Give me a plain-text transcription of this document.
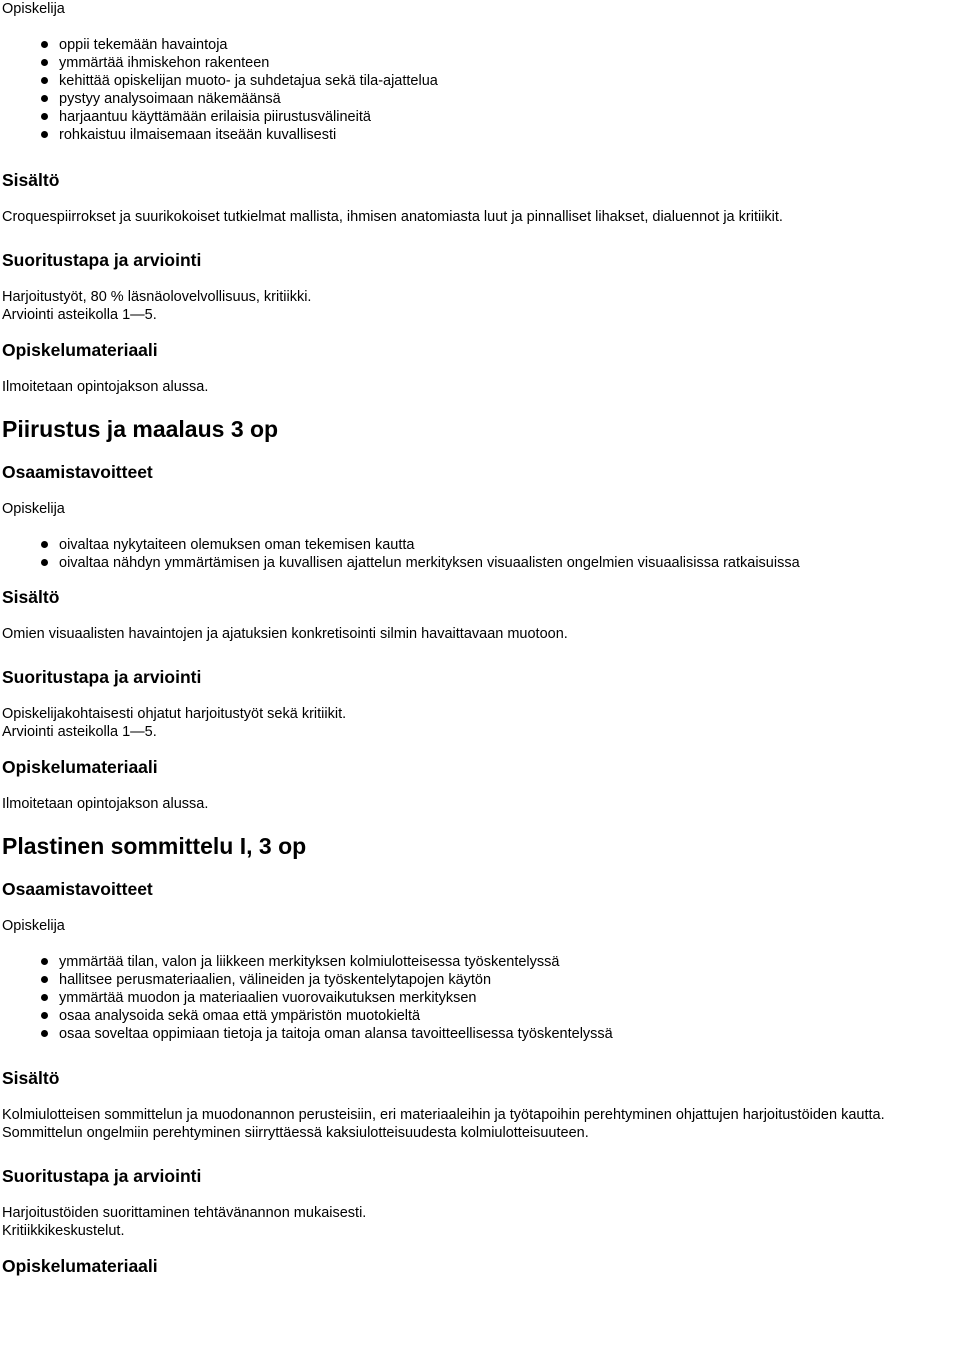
Opiskelija

oppii tekemään havaintoja
ymmärtää ihmiskehon rakenteen
kehittää opiskelijan muoto- ja suhdetajua sekä tila-ajattelua
pystyy analysoimaan näkemäänsä
harjaantuu käyttämään erilaisia piirustusvälineitä
rohkaistuu ilmaisemaan itseään kuvallisesti

Sisältö

Croquespiirrokset ja suurikokoiset tutkielmat mallista, ihmisen anatomiasta luut ja pinnalliset lihakset, dialuennot ja kritiikit.

Suoritustapa ja arviointi

Harjoitustyöt, 80 % läsnäolovelvollisuus, kritiikki.

Arviointi asteikolla 1—5.

Opiskelumateriaali

Ilmoitetaan opintojakson alussa.

Piirustus ja maalaus 3 op

Osaamistavoitteet

Opiskelija

oivaltaa nykytaiteen olemuksen oman tekemisen kautta
oivaltaa nähdyn ymmärtämisen ja kuvallisen ajattelun merkityksen visuaalisten ongelmien visuaalisissa ratkaisuissa

Sisältö

Omien visuaalisten havaintojen ja ajatuksien konkretisointi silmin havaittavaan muotoon.

Suoritustapa ja arviointi

Opiskelijakohtaisesti ohjatut harjoitustyöt sekä kritiikit.

Arviointi asteikolla 1—5.

Opiskelumateriaali

Ilmoitetaan opintojakson alussa.

Plastinen sommittelu I, 3 op

Osaamistavoitteet

Opiskelija

ymmärtää tilan, valon ja liikkeen merkityksen kolmiulotteisessa työskentelyssä
hallitsee perusmateriaalien, välineiden ja työskentelytapojen käytön
ymmärtää muodon ja materiaalien vuorovaikutuksen merkityksen
osaa analysoida sekä omaa että ympäristön muotokieltä
osaa soveltaa oppimiaan tietoja ja taitoja oman alansa tavoitteellisessa työskentelyssä

Sisältö

Kolmiulotteisen sommittelun ja muodonannon perusteisiin, eri materiaaleihin ja työtapoihin perehtyminen ohjattujen harjoitustöiden kautta.

Sommittelun ongelmiin perehtyminen siirryttäessä kaksiulotteisuudesta kolmiulotteisuuteen.

Suoritustapa ja arviointi

Harjoitustöiden suorittaminen tehtävänannon mukaisesti.

Kritiikkikeskustelut.

Opiskelumateriaali
